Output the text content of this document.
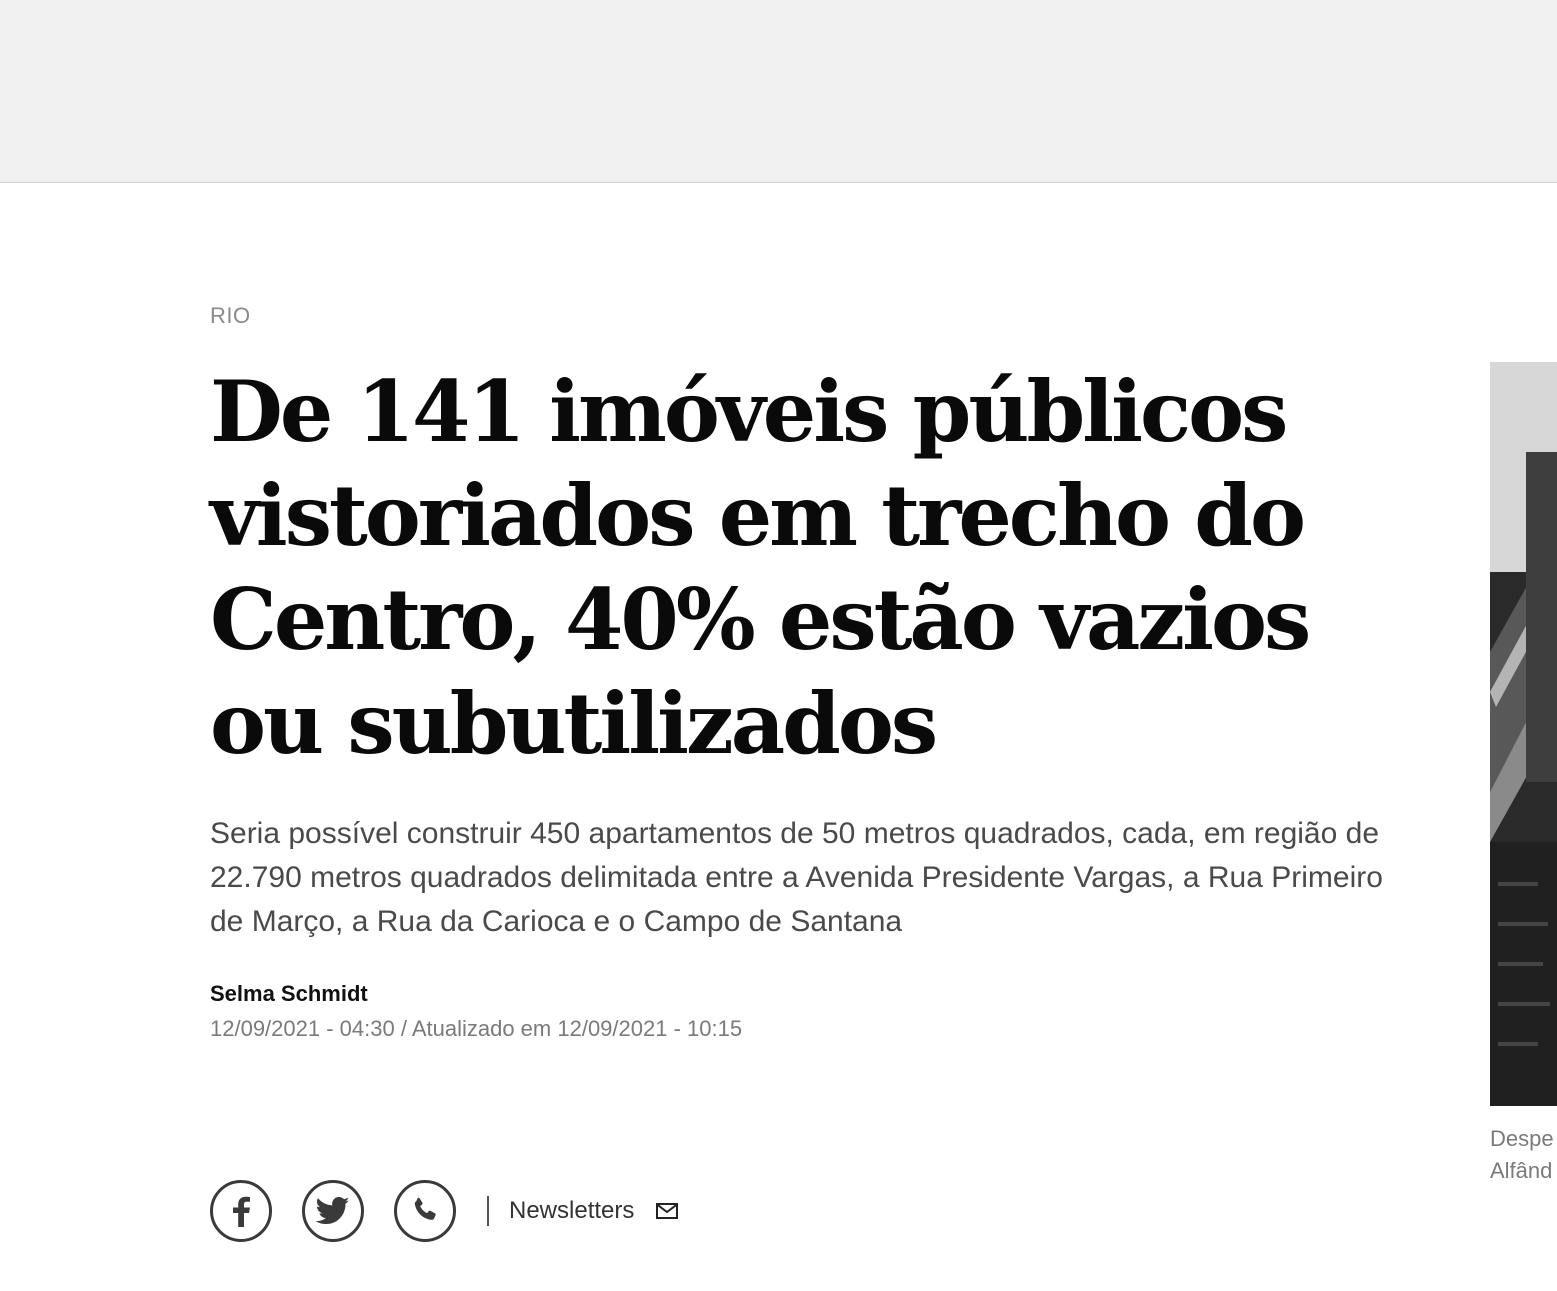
RIO
De 141 imóveis públicos vistoriados em trecho do Centro, 40% estão vazios ou subutilizados

Seria possível construir 450 apartamentos de 50 metros quadrados, cada, em região de 22.790 metros quadrados delimitada entre a Avenida Presidente Vargas, a Rua Primeiro de Março, a Rua da Carioca e o Campo de Santana

Selma Schmidt
12/09/2021 - 04:30 / Atualizado em 12/09/2021 - 10:15
Newsletters

Despe
Alfând
